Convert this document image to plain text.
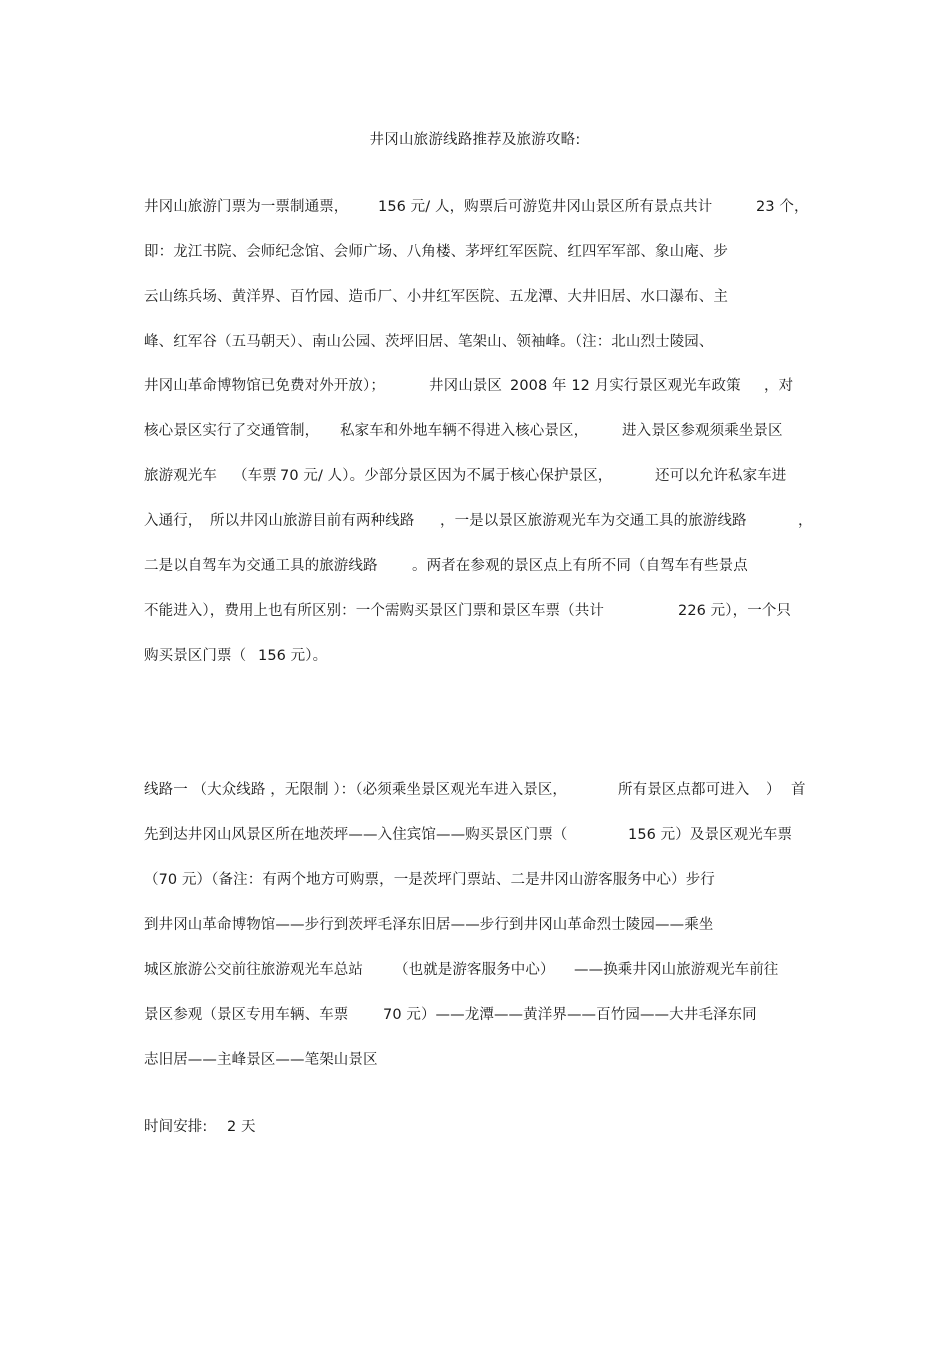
井冈山旅游线路推荐及旅游攻略:
井冈山旅游门票为一票制通票， 156 元/ 人，购票后可游览井冈山景区所有景点共计	23 个，
即：龙江书院、会师纪念馆、会师广场、八角楼、茅坪红军医院、红四军军部、象山庵、步
云山练兵场、黄洋界、百竹园、造币厂、小井红军医院、五龙潭、大井旧居、水口瀑布、主
峰、红军谷（五马朝天）、南山公园、茨坪旧居、笔架山、领袖峰。（注：北山烈士陵园、
井冈山革命博物馆已免费对外开放）；	井冈山景区 2008 年 12 月实行景区观光车政策 ，对
核心景区实行了交通管制， 私家车和外地车辆不得进入核心景区， 进入景区参观须乘坐景区
旅游观光车 （车票 70 元/ 人）。少部分景区因为不属于核心保护景区，	还可以允许私家车进
入通行， 所以井冈山旅游目前有两种线路 ，一是以景区旅游观光车为交通工具的旅游线路	，
二是以自驾车为交通工具的旅游线路 。两者在参观的景区点上有所不同（自驾车有些景点
不能进入），费用上也有所区别：一个需购买景区门票和景区车票（共计	226 元），一个只
购买景区门票（ 156 元）。
线路一 （大众线路 ，无限制 ）：（必须乘坐景区观光车进入景区，	所有景区点都可进入 ） 首
先到达井冈山风景区所在地茨坪——入住宾馆——购买景区门票（	156 元）及景区观光车票
（70 元）（备注：有两个地方可购票，一是茨坪门票站、二是井冈山游客服务中心）步行
到井冈山革命博物馆——步行到茨坪毛泽东旧居——步行到井冈山革命烈士陵园——乘坐
城区旅游公交前往旅游观光车总站 （也就是游客服务中心） ——换乘井冈山旅游观光车前往
景区参观（景区专用车辆、车票 70 元）——龙潭——黄洋界——百竹园——大井毛泽东同
志旧居——主峰景区——笔架山景区
时间安排: 2 天
